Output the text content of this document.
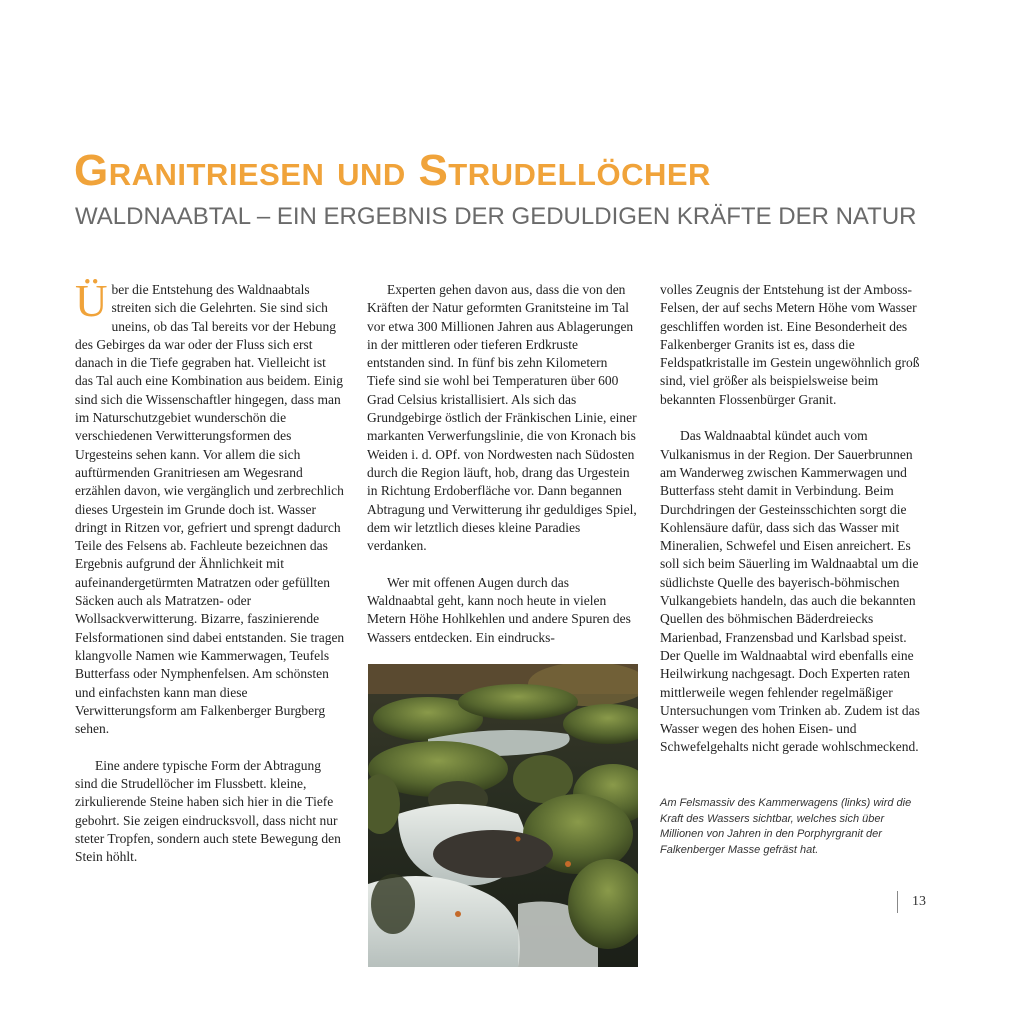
Granitriesen und Strudellöcher
WALDNAABTAL – EIN ERGEBNIS DER GEDULDIGEN KRÄFTE DER NATUR

Über die Entstehung des Waldnaabtals streiten sich die Gelehrten. Sie sind sich uneins, ob das Tal bereits vor der Hebung des Gebirges da war oder der Fluss sich erst danach in die Tiefe gegraben hat. Vielleicht ist das Tal auch eine Kombination aus beidem. Einig sind sich die Wissenschaftler hingegen, dass man im Naturschutzgebiet wunderschön die verschiedenen Verwitterungsformen des Urgesteins sehen kann. Vor allem die sich auftürmenden Granitriesen am Wegesrand erzählen davon, wie vergänglich und zerbrechlich dieses Urgestein im Grunde doch ist. Wasser dringt in Ritzen vor, gefriert und sprengt dadurch Teile des Felsens ab. Fachleute bezeichnen das Ergebnis aufgrund der Ähnlichkeit mit aufeinandergetürmten Matratzen oder gefüllten Säcken auch als Matratzen- oder Wollsackverwitterung. Bizarre, faszinierende Felsformationen sind dabei entstanden. Sie tragen klangvolle Namen wie Kammerwagen, Teufels Butterfass oder Nymphenfelsen. Am schönsten und einfachsten kann man diese Verwitterungsform am Falkenberger Burgberg sehen.

Eine andere typische Form der Abtragung sind die Strudellöcher im Flussbett. kleine, zirkulierende Steine haben sich hier in die Tiefe gebohrt. Sie zeigen eindrucksvoll, dass nicht nur steter Tropfen, sondern auch stete Bewegung den Stein höhlt.

Experten gehen davon aus, dass die von den Kräften der Natur geformten Granitsteine im Tal vor etwa 300 Millionen Jahren aus Ablagerungen in der mittleren oder tieferen Erdkruste entstanden sind. In fünf bis zehn Kilometern Tiefe sind sie wohl bei Temperaturen über 600 Grad Celsius kristallisiert. Als sich das Grundgebirge östlich der Fränkischen Linie, einer markanten Verwerfungslinie, die von Kronach bis Weiden i. d. OPf. von Nordwesten nach Südosten durch die Region läuft, hob, drang das Urgestein in Richtung Erdoberfläche vor. Dann begannen Abtragung und Verwitterung ihr geduldiges Spiel, dem wir letztlich dieses kleine Paradies verdanken.

Wer mit offenen Augen durch das Waldnaabtal geht, kann noch heute in vielen Metern Höhe Hohlkehlen und andere Spuren des Wassers entdecken. Ein eindrucks-

volles Zeugnis der Entstehung ist der Amboss-Felsen, der auf sechs Metern Höhe vom Wasser geschliffen worden ist. Eine Besonderheit des Falkenberger Granits ist es, dass die Feldspatkristalle im Gestein ungewöhnlich groß sind, viel größer als beispielsweise beim bekannten Flossenbürger Granit.

Das Waldnaabtal kündet auch vom Vulkanismus in der Region. Der Sauerbrunnen am Wanderweg zwischen Kammerwagen und Butterfass steht damit in Verbindung. Beim Durchdringen der Gesteinsschichten sorgt die Kohlensäure dafür, dass sich das Wasser mit Mineralien, Schwefel und Eisen anreichert. Es soll sich beim Säuerling im Waldnaabtal um die südlichste Quelle des bayerisch-böhmischen Vulkangebiets handeln, das auch die bekannten Quellen des böhmischen Bäderdreiecks Marienbad, Franzensbad und Karlsbad speist. Der Quelle im Waldnaabtal wird ebenfalls eine Heilwirkung nachgesagt. Doch Experten raten mittlerweile wegen fehlender regelmäßiger Untersuchungen vom Trinken ab. Zudem ist das Wasser wegen des hohen Eisen- und Schwefelgehalts nicht gerade wohlschmeckend.

Am Felsmassiv des Kammerwagens (links) wird die Kraft des Wassers sichtbar, welches sich über Millionen von Jahren in den Porphyrgranit der Falkenberger Masse gefräst hat.
13
